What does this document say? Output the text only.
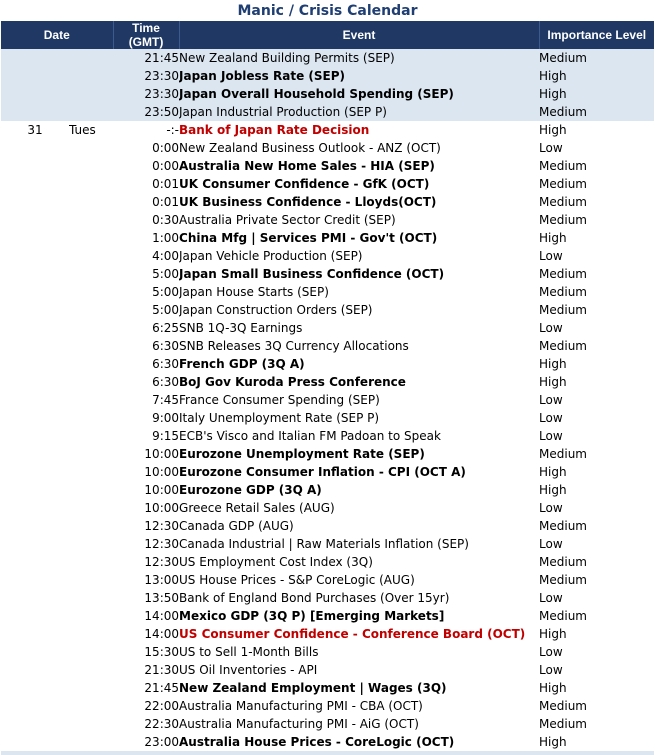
Manic / Crisis Calendar
Date		Time (GMT)	Event	Importance Level
		21:45	New Zealand Building Permits (SEP)	Medium
		23:30	Japan Jobless Rate (SEP)	High
		23:30	Japan Overall Household Spending (SEP)	High
		23:50	Japan Industrial Production (SEP P)	Medium
31	Tues	-:-	Bank of Japan Rate Decision	High
		0:00	New Zealand Business Outlook - ANZ (OCT)	Low
		0:00	Australia New Home Sales - HIA (SEP)	Medium
		0:01	UK Consumer Confidence - GfK (OCT)	Medium
		0:01	UK Business Confidence - Lloyds(OCT)	Medium
		0:30	Australia Private Sector Credit (SEP)	Medium
		1:00	China Mfg | Services PMI - Gov't (OCT)	High
		4:00	Japan Vehicle Production (SEP)	Low
		5:00	Japan Small Business Confidence (OCT)	Medium
		5:00	Japan House Starts (SEP)	Medium
		5:00	Japan Construction Orders (SEP)	Medium
		6:25	SNB 1Q-3Q Earnings	Low
		6:30	SNB Releases 3Q Currency Allocations	Medium
		6:30	French GDP (3Q A)	High
		6:30	BoJ Gov Kuroda Press Conference	High
		7:45	France Consumer Spending (SEP)	Low
		9:00	Italy Unemployment Rate (SEP P)	Low
		9:15	ECB's Visco and Italian FM Padoan to Speak	Low
		10:00	Eurozone Unemployment Rate (SEP)	Medium
		10:00	Eurozone Consumer Inflation - CPI (OCT A)	High
		10:00	Eurozone GDP (3Q A)	High
		10:00	Greece Retail Sales (AUG)	Low
		12:30	Canada GDP (AUG)	Medium
		12:30	Canada Industrial | Raw Materials Inflation (SEP)	Low
		12:30	US Employment Cost Index (3Q)	Medium
		13:00	US House Prices - S&P CoreLogic (AUG)	Medium
		13:50	Bank of England Bond Purchases (Over 15yr)	Low
		14:00	Mexico GDP (3Q P) [Emerging Markets]	Medium
		14:00	US Consumer Confidence - Conference Board (OCT)	High
		15:30	US to Sell 1-Month Bills	Low
		21:30	US Oil Inventories - API	Low
		21:45	New Zealand Employment | Wages (3Q)	High
		22:00	Australia Manufacturing PMI - CBA (OCT)	Medium
		22:30	Australia Manufacturing PMI - AiG (OCT)	Medium
		23:00	Australia House Prices - CoreLogic (OCT)	High
